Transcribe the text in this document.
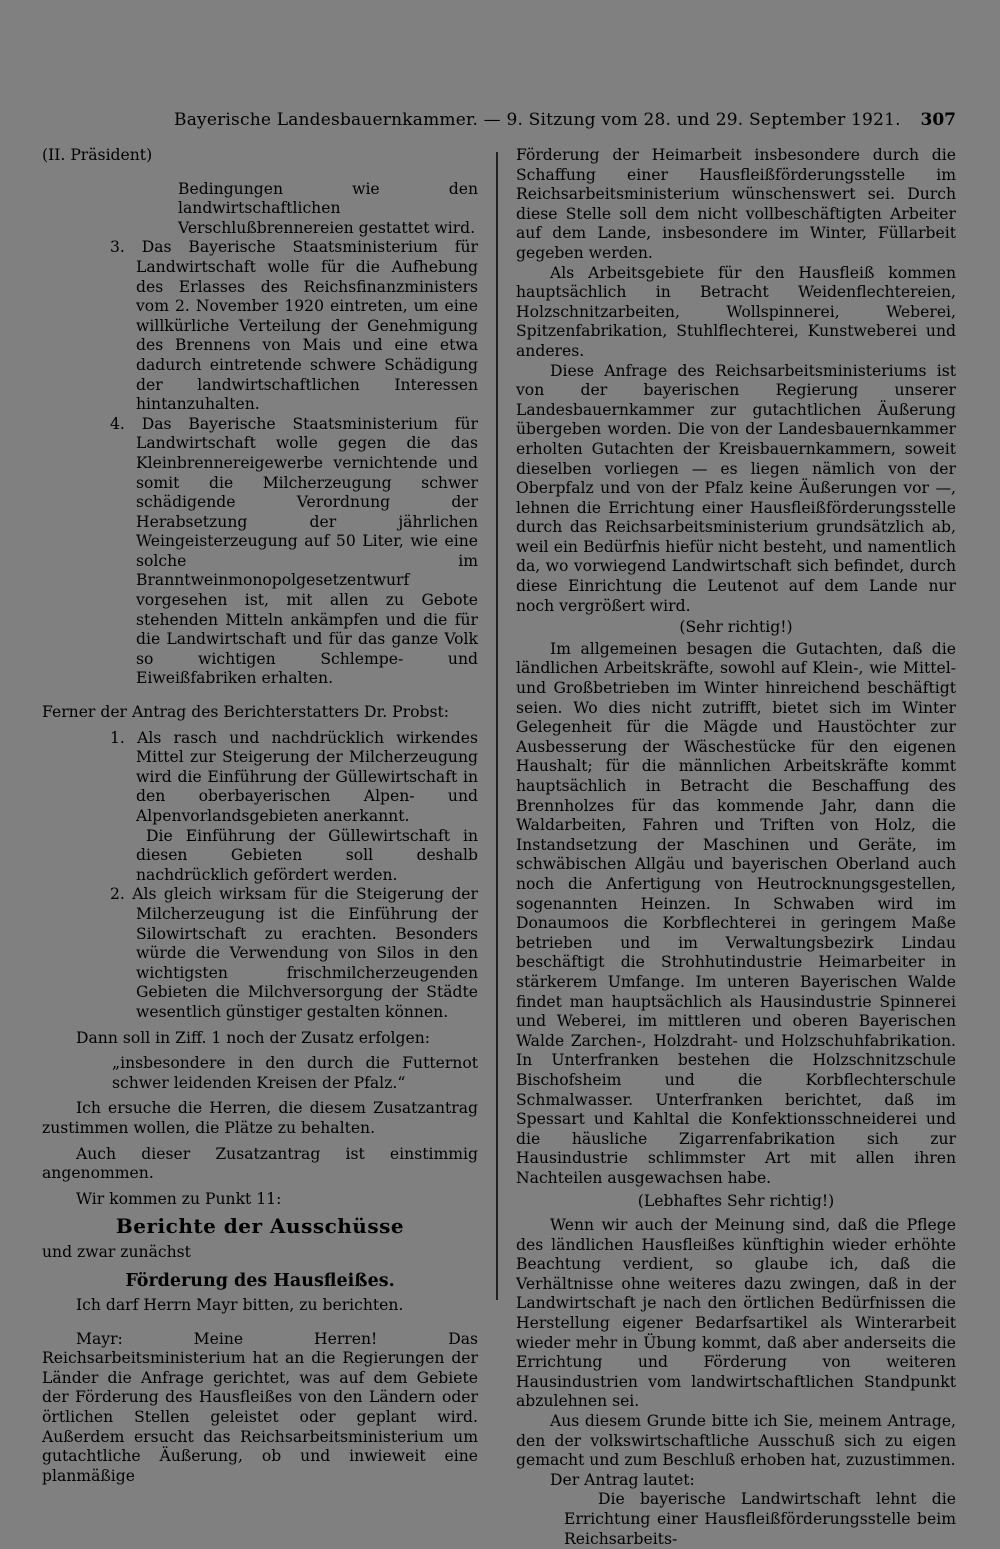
Bayerische Landesbauernkammer. — 9. Sitzung vom 28. und 29. September 1921. 307

(II. Präsident)

Bedingungen wie den landwirtschaftlichen Verschlußbrennereien gestattet wird.

3. Das Bayerische Staatsministerium für Landwirtschaft wolle für die Aufhebung des Erlasses des Reichsfinanzministers vom 2. November 1920 eintreten, um eine willkürliche Verteilung der Genehmigung des Brennens von Mais und eine etwa dadurch eintretende schwere Schädigung der landwirtschaftlichen Interessen hintanzuhalten.

4. Das Bayerische Staatsministerium für Landwirtschaft wolle gegen die das Kleinbrennereigewerbe vernichtende und somit die Milcherzeugung schwer schädigende Verordnung der Herabsetzung der jährlichen Weingeisterzeugung auf 50 Liter, wie eine solche im Branntweinmonopolgesetzentwurf vorgesehen ist, mit allen zu Gebote stehenden Mitteln ankämpfen und die für die Landwirtschaft und für das ganze Volk so wichtigen Schlempe- und Eiweißfabriken erhalten.

Ferner der Antrag des Berichterstatters Dr. Probst:

1. Als rasch und nachdrücklich wirkendes Mittel zur Steigerung der Milcherzeugung wird die Einführung der Güllewirtschaft in den oberbayerischen Alpen- und Alpenvorlandsgebieten anerkannt.

Die Einführung der Güllewirtschaft in diesen Gebieten soll deshalb nachdrücklich gefördert werden.

2. Als gleich wirksam für die Steigerung der Milcherzeugung ist die Einführung der Silowirtschaft zu erachten. Besonders würde die Verwendung von Silos in den wichtigsten frischmilcherzeugenden Gebieten die Milchversorgung der Städte wesentlich günstiger gestalten können.

Dann soll in Ziff. 1 noch der Zusatz erfolgen:

„insbesondere in den durch die Futternot schwer leidenden Kreisen der Pfalz.“

Ich ersuche die Herren, die diesem Zusatzantrag zustimmen wollen, die Plätze zu behalten.

Auch dieser Zusatzantrag ist einstimmig angenommen.

Wir kommen zu Punkt 11:

Berichte der Ausschüsse

und zwar zunächst

Förderung des Hausfleißes.

Ich darf Herrn Mayr bitten, zu berichten.

Mayr: Meine Herren! Das Reichsarbeitsministerium hat an die Regierungen der Länder die Anfrage gerichtet, was auf dem Gebiete der Förderung des Hausfleißes von den Ländern oder örtlichen Stellen geleistet oder geplant wird. Außerdem ersucht das Reichsarbeitsministerium um gutachtliche Äußerung, ob und inwieweit eine planmäßige

Förderung der Heimarbeit insbesondere durch die Schaffung einer Hausfleißförderungsstelle im Reichsarbeitsministerium wünschenswert sei. Durch diese Stelle soll dem nicht vollbeschäftigten Arbeiter auf dem Lande, insbesondere im Winter, Füllarbeit gegeben werden.

Als Arbeitsgebiete für den Hausfleiß kommen hauptsächlich in Betracht Weidenflechtereien, Holzschnitzarbeiten, Wollspinnerei, Weberei, Spitzenfabrikation, Stuhlflechterei, Kunstweberei und anderes.

Diese Anfrage des Reichsarbeitsministeriums ist von der bayerischen Regierung unserer Landesbauernkammer zur gutachtlichen Äußerung übergeben worden. Die von der Landesbauernkammer erholten Gutachten der Kreisbauernkammern, soweit dieselben vorliegen — es liegen nämlich von der Oberpfalz und von der Pfalz keine Äußerungen vor —, lehnen die Errichtung einer Hausfleißförderungsstelle durch das Reichsarbeitsministerium grundsätzlich ab, weil ein Bedürfnis hiefür nicht besteht, und namentlich da, wo vorwiegend Landwirtschaft sich befindet, durch diese Einrichtung die Leutenot auf dem Lande nur noch vergrößert wird.

(Sehr richtig!)

Im allgemeinen besagen die Gutachten, daß die ländlichen Arbeitskräfte, sowohl auf Klein-, wie Mittel- und Großbetrieben im Winter hinreichend beschäftigt seien. Wo dies nicht zutrifft, bietet sich im Winter Gelegenheit für die Mägde und Haustöchter zur Ausbesserung der Wäschestücke für den eigenen Haushalt; für die männlichen Arbeitskräfte kommt hauptsächlich in Betracht die Beschaffung des Brennholzes für das kommende Jahr, dann die Waldarbeiten, Fahren und Triften von Holz, die Instandsetzung der Maschinen und Geräte, im schwäbischen Allgäu und bayerischen Oberland auch noch die Anfertigung von Heutrocknungsgestellen, sogenannten Heinzen. In Schwaben wird im Donaumoos die Korbflechterei in geringem Maße betrieben und im Verwaltungsbezirk Lindau beschäftigt die Strohhutindustrie Heimarbeiter in stärkerem Umfange. Im unteren Bayerischen Walde findet man hauptsächlich als Hausindustrie Spinnerei und Weberei, im mittleren und oberen Bayerischen Walde Zarchen-, Holzdraht- und Holzschuhfabrikation. In Unterfranken bestehen die Holzschnitzschule Bischofsheim und die Korbflechterschule Schmalwasser. Unterfranken berichtet, daß im Spessart und Kahltal die Konfektionsschneiderei und die häusliche Zigarrenfabrikation sich zur Hausindustrie schlimmster Art mit allen ihren Nachteilen ausgewachsen habe.

(Lebhaftes Sehr richtig!)

Wenn wir auch der Meinung sind, daß die Pflege des ländlichen Hausfleißes künftighin wieder erhöhte Beachtung verdient, so glaube ich, daß die Verhältnisse ohne weiteres dazu zwingen, daß in der Landwirtschaft je nach den örtlichen Bedürfnissen die Herstellung eigener Bedarfsartikel als Winterarbeit wieder mehr in Übung kommt, daß aber anderseits die Errichtung und Förderung von weiteren Hausindustrien vom landwirtschaftlichen Standpunkt abzulehnen sei.

Aus diesem Grunde bitte ich Sie, meinem Antrage, den der volkswirtschaftliche Ausschuß sich zu eigen gemacht und zum Beschluß erhoben hat, zuzustimmen.

Der Antrag lautet:

Die bayerische Landwirtschaft lehnt die Errichtung einer Hausfleißförderungsstelle beim Reichsarbeits-
